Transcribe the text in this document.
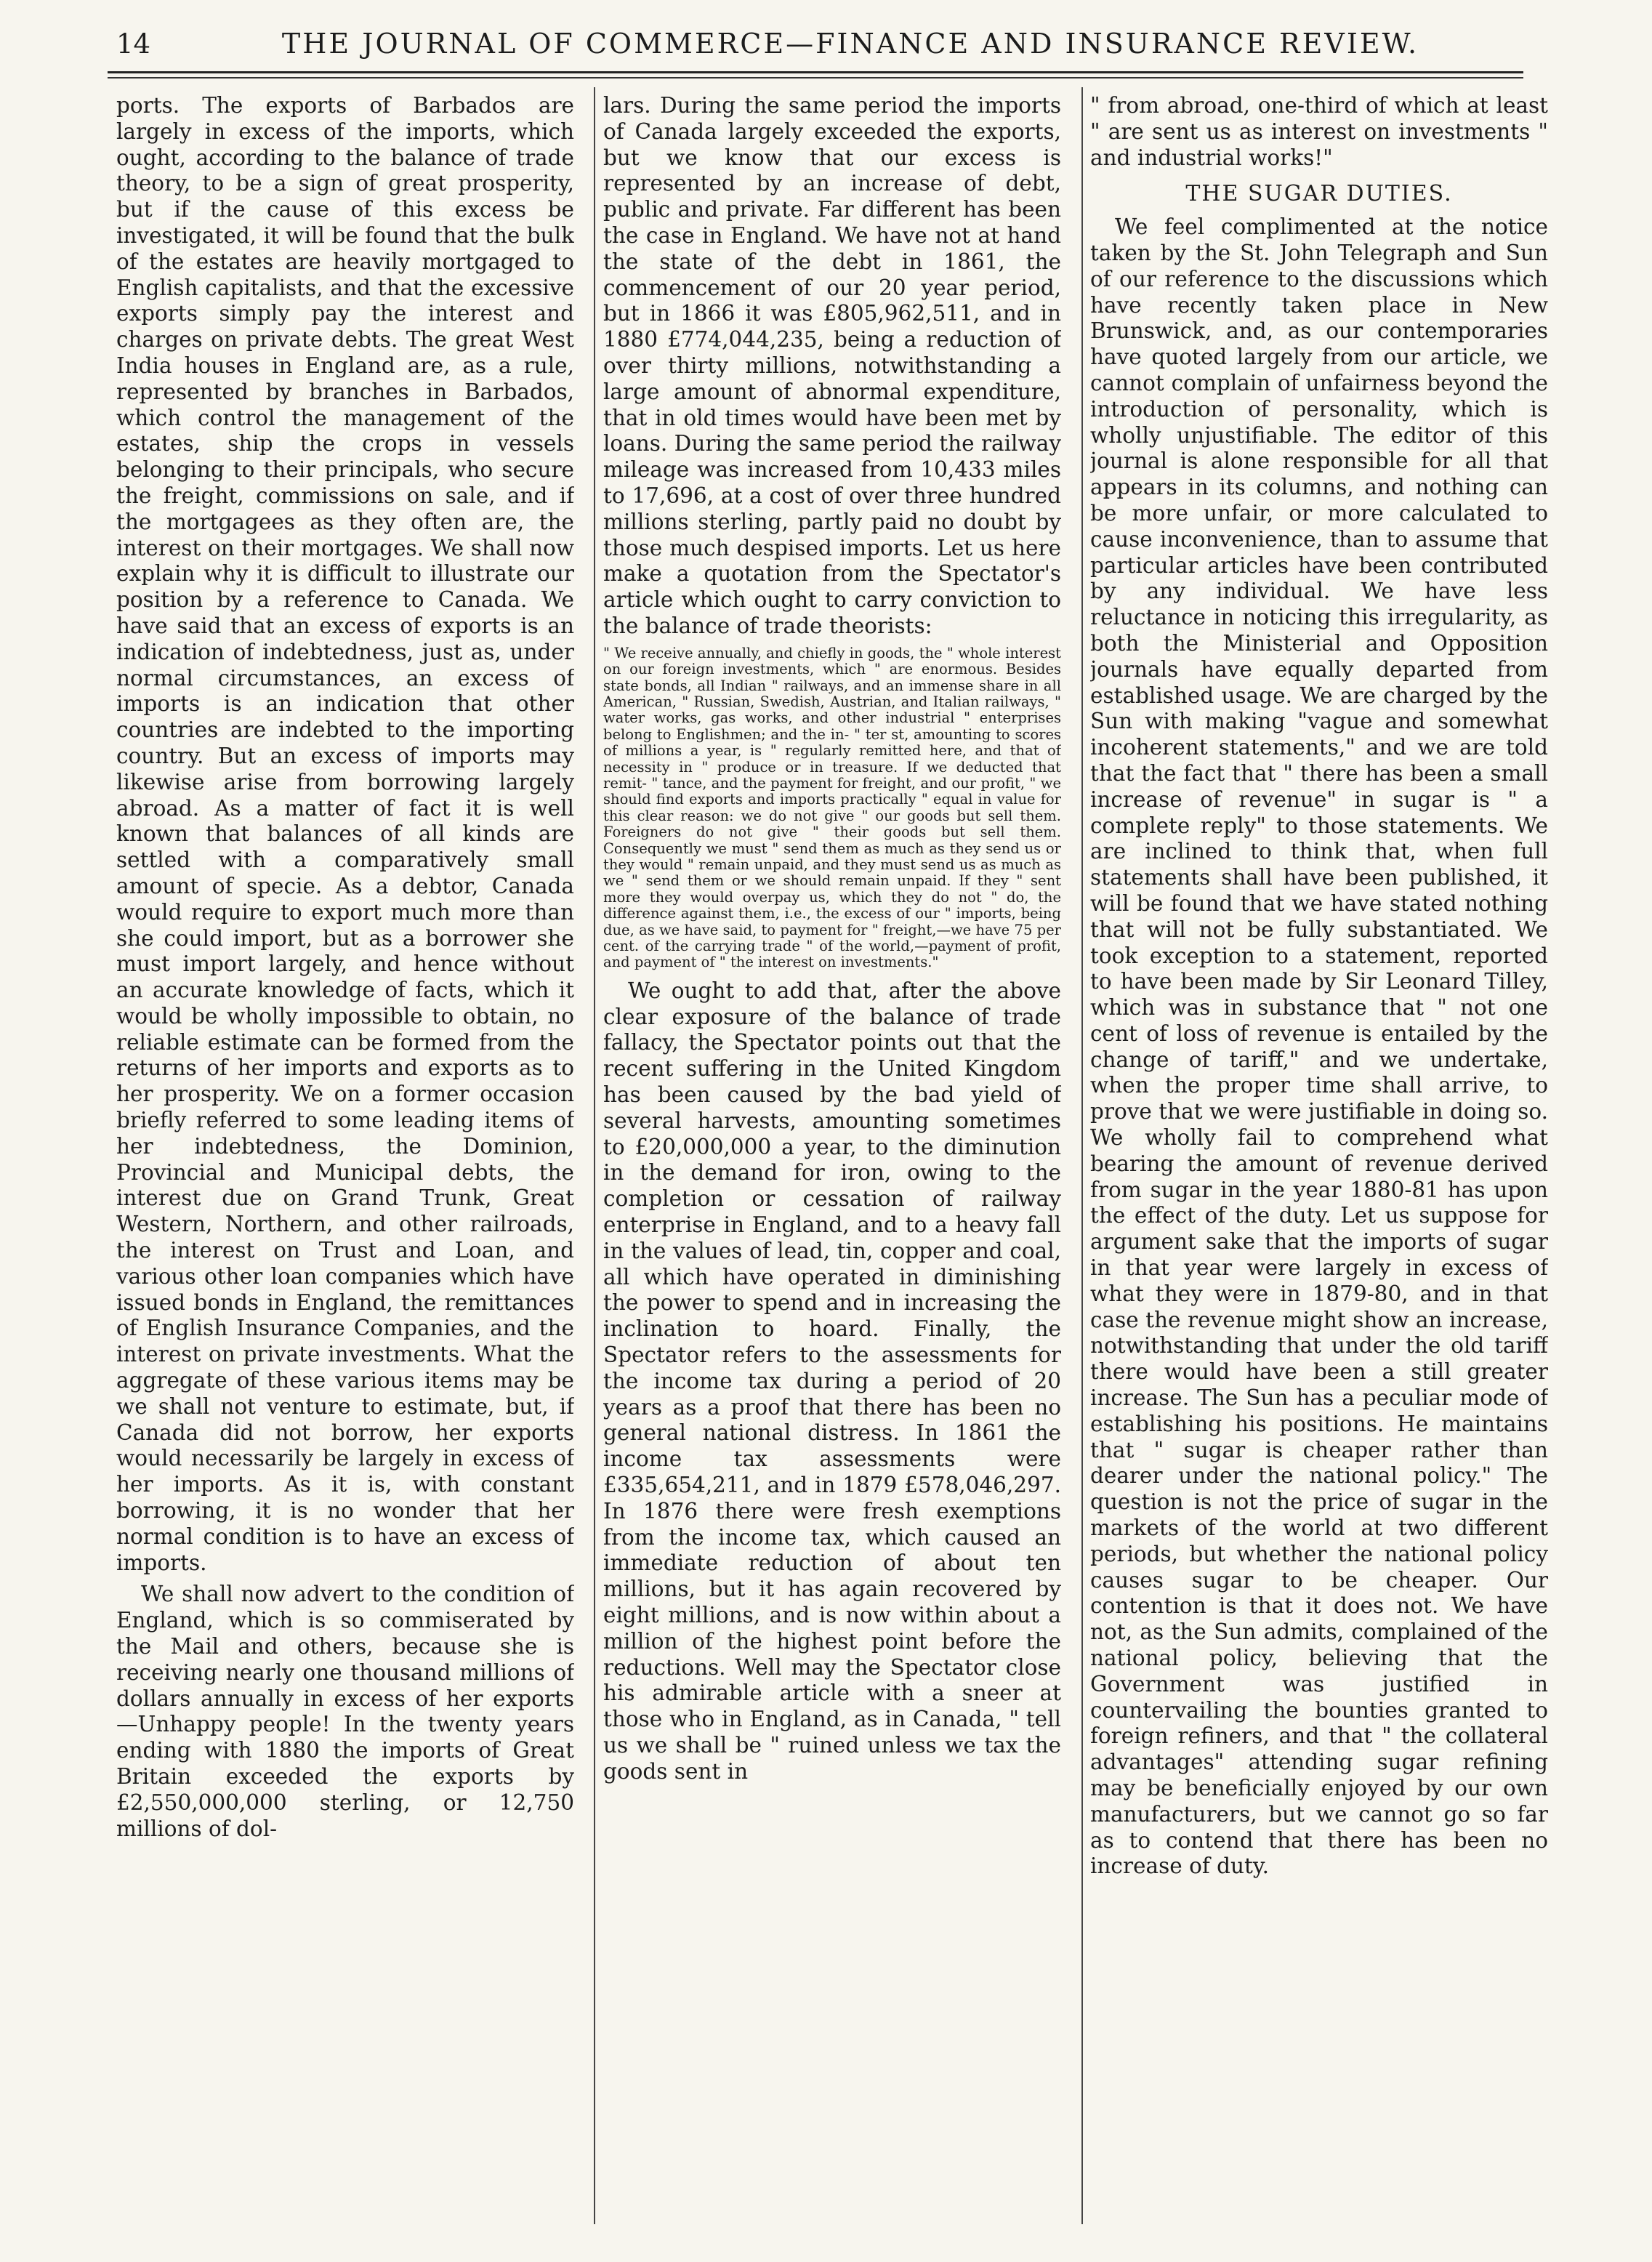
14	THE JOURNAL OF COMMERCE—FINANCE AND INSURANCE REVIEW.

ports. The exports of Barbados are largely in excess of the imports, which ought, according to the balance of trade theory, to be a sign of great prosperity, but if the cause of this excess be investigated, it will be found that the bulk of the estates are heavily mortgaged to English capitalists, and that the excessive exports simply pay the interest and charges on private debts. The great West India houses in England are, as a rule, represented by branches in Barbados, which control the management of the estates, ship the crops in vessels belonging to their principals, who secure the freight, commissions on sale, and if the mortgagees as they often are, the interest on their mortgages. We shall now explain why it is difficult to illustrate our position by a reference to Canada. We have said that an excess of exports is an indication of indebtedness, just as, under normal circumstances, an excess of imports is an indication that other countries are indebted to the importing country. But an excess of imports may likewise arise from borrowing largely abroad. As a matter of fact it is well known that balances of all kinds are settled with a comparatively small amount of specie. As a debtor, Canada would require to export much more than she could import, but as a borrower she must import largely, and hence without an accurate knowledge of facts, which it would be wholly impossible to obtain, no reliable estimate can be formed from the returns of her imports and exports as to her prosperity. We on a former occasion briefly referred to some leading items of her indebtedness, the Dominion, Provincial and Municipal debts, the interest due on Grand Trunk, Great Western, Northern, and other railroads, the interest on Trust and Loan, and various other loan companies which have issued bonds in England, the remittances of English Insurance Companies, and the interest on private investments. What the aggregate of these various items may be we shall not venture to estimate, but, if Canada did not borrow, her exports would necessarily be largely in excess of her imports. As it is, with constant borrowing, it is no wonder that her normal condition is to have an excess of imports.

We shall now advert to the condition of England, which is so commiserated by the Mail and others, because she is receiving nearly one thousand millions of dollars annually in excess of her exports—Unhappy people! In the twenty years ending with 1880 the imports of Great Britain exceeded the exports by £2,550,000,000 sterling, or 12,750 millions of dol-

lars. During the same period the imports of Canada largely exceeded the exports, but we know that our excess is represented by an increase of debt, public and private. Far different has been the case in England. We have not at hand the state of the debt in 1861, the commencement of our 20 year period, but in 1866 it was £805,962,511, and in 1880 £774,044,235, being a reduction of over thirty millions, notwithstanding a large amount of abnormal expenditure, that in old times would have been met by loans. During the same period the railway mileage was increased from 10,433 miles to 17,696, at a cost of over three hundred millions sterling, partly paid no doubt by those much despised imports. Let us here make a quotation from the Spectator's article which ought to carry conviction to the balance of trade theorists:

" We receive annually, and chiefly in goods, the " whole interest on our foreign investments, which " are enormous. Besides state bonds, all Indian " railways, and an immense share in all American, " Russian, Swedish, Austrian, and Italian railways, " water works, gas works, and other industrial " enterprises belong to Englishmen; and the in- " ter st, amounting to scores of millions a year, is " regularly remitted here, and that of necessity in " produce or in treasure. If we deducted that remit- " tance, and the payment for freight, and our profit, " we should find exports and imports practically " equal in value for this clear reason: we do not give " our goods but sell them. Foreigners do not give " their goods but sell them. Consequently we must " send them as much as they send us or they would " remain unpaid, and they must send us as much as we " send them or we should remain unpaid. If they " sent more they would overpay us, which they do not " do, the difference against them, i.e., the excess of our " imports, being due, as we have said, to payment for " freight,—we have 75 per cent. of the carrying trade " of the world,—payment of profit, and payment of " the interest on investments."

We ought to add that, after the above clear exposure of the balance of trade fallacy, the Spectator points out that the recent suffering in the United Kingdom has been caused by the bad yield of several harvests, amounting sometimes to £20,000,000 a year, to the diminution in the demand for iron, owing to the completion or cessation of railway enterprise in England, and to a heavy fall in the values of lead, tin, copper and coal, all which have operated in diminishing the power to spend and in increasing the inclination to hoard. Finally, the Spectator refers to the assessments for the income tax during a period of 20 years as a proof that there has been no general national distress. In 1861 the income tax assessments were £335,654,211, and in 1879 £578,046,297. In 1876 there were fresh exemptions from the income tax, which caused an immediate reduction of about ten millions, but it has again recovered by eight millions, and is now within about a million of the highest point before the reductions. Well may the Spectator close his admirable article with a sneer at those who in England, as in Canada, " tell us we shall be " ruined unless we tax the goods sent in

" from abroad, one-third of which at least " are sent us as interest on investments " and industrial works!"

THE SUGAR DUTIES.

We feel complimented at the notice taken by the St. John Telegraph and Sun of our reference to the discussions which have recently taken place in New Brunswick, and, as our contemporaries have quoted largely from our article, we cannot complain of unfairness beyond the introduction of personality, which is wholly unjustifiable. The editor of this journal is alone responsible for all that appears in its columns, and nothing can be more unfair, or more calculated to cause inconvenience, than to assume that particular articles have been contributed by any individual. We have less reluctance in noticing this irregularity, as both the Ministerial and Opposition journals have equally departed from established usage. We are charged by the Sun with making "vague and somewhat incoherent statements," and we are told that the fact that " there has been a small increase of revenue" in sugar is " a complete reply" to those statements. We are inclined to think that, when full statements shall have been published, it will be found that we have stated nothing that will not be fully substantiated. We took exception to a statement, reported to have been made by Sir Leonard Tilley, which was in substance that " not one cent of loss of revenue is entailed by the change of tariff," and we undertake, when the proper time shall arrive, to prove that we were justifiable in doing so. We wholly fail to comprehend what bearing the amount of revenue derived from sugar in the year 1880-81 has upon the effect of the duty. Let us suppose for argument sake that the imports of sugar in that year were largely in excess of what they were in 1879-80, and in that case the revenue might show an increase, notwithstanding that under the old tariff there would have been a still greater increase. The Sun has a peculiar mode of establishing his positions. He maintains that " sugar is cheaper rather than dearer under the national policy." The question is not the price of sugar in the markets of the world at two different periods, but whether the national policy causes sugar to be cheaper. Our contention is that it does not. We have not, as the Sun admits, complained of the national policy, believing that the Government was justified in countervailing the bounties granted to foreign refiners, and that " the collateral advantages" attending sugar refining may be beneficially enjoyed by our own manufacturers, but we cannot go so far as to contend that there has been no increase of duty.
